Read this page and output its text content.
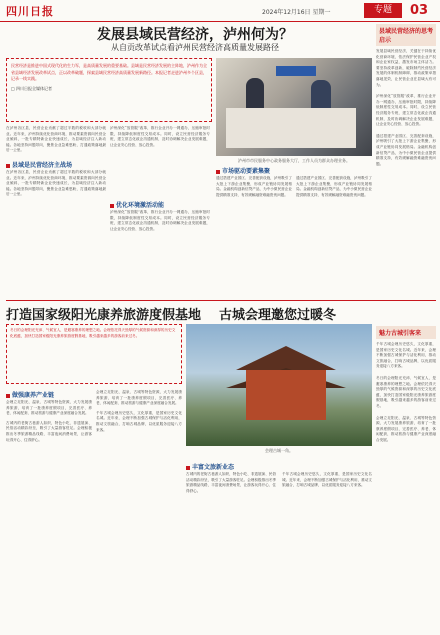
四川日报	2024年12月16日 星期一	专题	03
发展县域民营经济，泸州何为？
从自贡改革试点看泸州民营经济高质量发展路径
民营经济是推进中国式现代化的生力军，是高质量发展的重要基础。县域是民营经济发展的主阵地，泸州作为全省县域经济发展改革试点，正以改革破题，探索县域民营经济高质量发展新路径。本报记者走进泸州多个区县，记录一线实践。
□ 四川日报全媒体记者
泸州市市民服务中心政务服务大厅，工作人员为群众办理业务。
在泸州各区县，民营企业贡献了超过半数的税收和大部分就业。近年来，泸州持续优化营商环境，推动要素资源向民营企业倾斜，一批专精特新企业快速成长，为县域经济注入新动能。各地坚持问题导向，聚焦企业急难愁盼，打通政策落地最后一公里。
县域是民营经济主战场
在泸州各区县，民营企业贡献了超过半数的税收和大部分就业。近年来，泸州持续优化营商环境，推动要素资源向民营企业倾斜，一批专精特新企业快速成长，为县域经济注入新动能。各地坚持问题导向，聚焦企业急难愁盼，打通政策落地最后一公里。
泸州深化“放管服”改革，推行企业开办一网通办，压缩审批时限，持续降低制度性交易成本。同时，设立民营经济服务专班，建立常态化政企沟通机制，及时协调解决企业发展难题，让企业安心经营、放心投资。
优化环境激活动能
泸州深化“放管服”改革，推行企业开办一网通办，压缩审批时限，持续降低制度性交易成本。同时，设立民营经济服务专班，建立常态化政企沟通机制，及时协调解决企业发展难题，让企业安心经营、放心投资。
市场驱动要素集聚
通过搭建产业园区、完善配套设施，泸州吸引了大批上下游企业集聚，形成产业链协同发展格局。金融机构创新信贷产品，为中小微民营企业提供精准支持，有效缓解融资难融资贵问题。
通过搭建产业园区、完善配套设施，泸州吸引了大批上下游企业集聚，形成产业链协同发展格局。金融机构创新信贷产品，为中小微民营企业提供精准支持，有效缓解融资难融资贵问题。
县域民营经济的思考启示
发展县域民营经济，关键在于持续优化营商环境，依法保护民营企业产权和企业家权益，激发市场主体活力。要坚持改革创新，破除制约民营经济发展的体制机制障碍，推动政策举措落地见效，让民营企业在县域大有可为。
泸州深化“放管服”改革，推行企业开办一网通办，压缩审批时限，持续降低制度性交易成本。同时，设立民营经济服务专班，建立常态化政企沟通机制，及时协调解决企业发展难题，让企业安心经营、放心投资。
通过搭建产业园区、完善配套设施，泸州吸引了大批上下游企业集聚，形成产业链协同发展格局。金融机构创新信贷产品，为中小微民营企业提供精准支持，有效缓解融资难融资贵问题。
打造国家级阳光康养旅游度假基地 古城会理邀您过暖冬
冬日的会理阳光充沛、气候宜人，是避寒康养的理想之地。会理依托得天独厚的气候资源和深厚的历史文化底蕴，加快打造国家级阳光康养旅游度假基地，吸引越来越多的游客前来过冬。
会理古城一角。
做强康养产业链
会理立足阳光、温泉、古城等特色资源，大力发展康养旅游，培育了一批康养度假项目，完善医疗、养老、休闲配套，推动旅游与健康产业深度融合发展。
古城内的老街古巷游人如织，特色小吃、非遗展演、民俗活动精彩纷呈，吸引了大量游客驻足。会理积极推出冬季旅游精品线路，丰富夜间消费场景，让游客玩得开心、住得舒心。
会理立足阳光、温泉、古城等特色资源，大力发展康养旅游，培育了一批康养度假项目，完善医疗、养老、休闲配套，推动旅游与健康产业深度融合发展。
千年古城会理历史悠久，文化厚重，是国家历史文化名城。近年来，会理不断加强古城保护与活化利用，推动文旅融合，打响古城品牌，以优质服务迎接八方来客。
丰富文旅新业态
古城内的老街古巷游人如织，特色小吃、非遗展演、民俗活动精彩纷呈，吸引了大量游客驻足。会理积极推出冬季旅游精品线路，丰富夜间消费场景，让游客玩得开心、住得舒心。
千年古城会理历史悠久，文化厚重，是国家历史文化名城。近年来，会理不断加强古城保护与活化利用，推动文旅融合，打响古城品牌，以优质服务迎接八方来客。
魅力古城引客来
千年古城会理历史悠久，文化厚重，是国家历史文化名城。近年来，会理不断加强古城保护与活化利用，推动文旅融合，打响古城品牌，以优质服务迎接八方来客。
冬日的会理阳光充沛、气候宜人，是避寒康养的理想之地。会理依托得天独厚的气候资源和深厚的历史文化底蕴，加快打造国家级阳光康养旅游度假基地，吸引越来越多的游客前来过冬。
会理立足阳光、温泉、古城等特色资源，大力发展康养旅游，培育了一批康养度假项目，完善医疗、养老、休闲配套，推动旅游与健康产业深度融合发展。
